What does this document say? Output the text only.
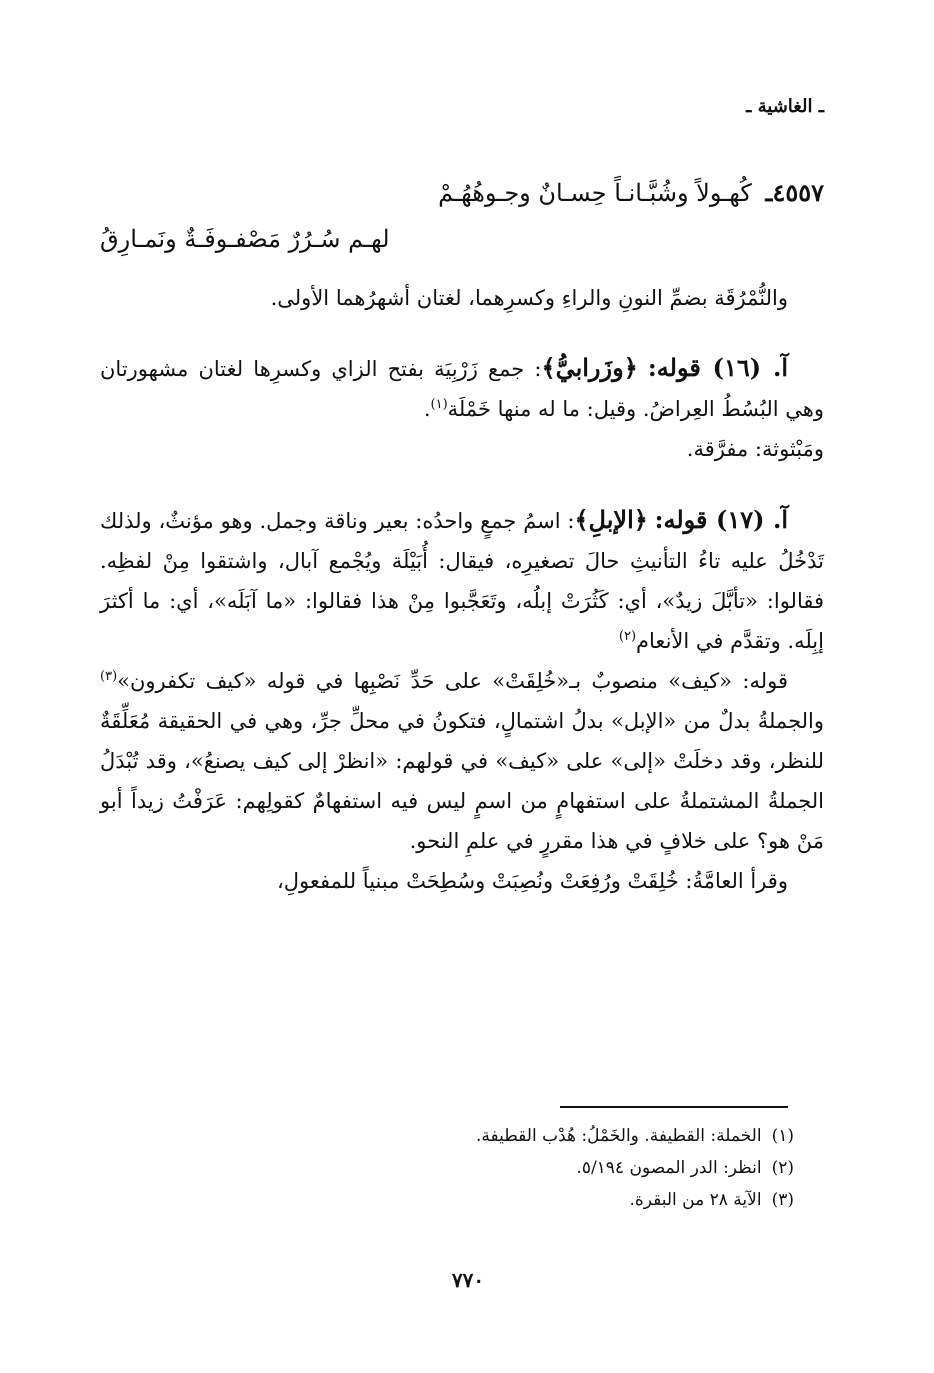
ـ الغاشية ـ
٤٥٥٧ـ كُهـولاً وشُبَّـانـاً حِسـانٌ وجـوهُهُـمْ
لهـم سُـرُرٌ مَصْفـوفَـةٌ ونَمـارِقُ

والنُّمْرُقَة بضمِّ النونِ والراءِ وكسرِهما، لغتان أشهرُهما الأولى.

آ. (١٦) قوله: ﴿وزَرابيُّ﴾: جمع زَرْبِيَة بفتح الزاي وكسرِها لغتان مشهورتان وهي البُسُطُ العِراضُ. وقيل: ما له منها خَمْلَة$^{(١)}$.

ومَبْثوثة: مفرَّقة.

آ. (١٧) قوله: ﴿الإبلِ﴾: اسمُ جمعٍ واحدُه: بعير وناقة وجمل. وهو مؤنثٌ، ولذلك تَدْخُلُ عليه تاءُ التأنيثِ حالَ تصغيرِه، فيقال: أُبَيْلَة ويُجْمع آبال، واشتقوا مِنْ لفظِه. فقالوا: «تأبَّلَ زيدٌ»، أي: كَثُرَتْ إبلُه، وتَعَجَّبوا مِنْ هذا فقالوا: «ما آبَلَه»، أي: ما أكثرَ إبِلَه. وتقدَّم في الأنعام$^{(٢)}$

قوله: «كيف» منصوبٌ بـ«خُلِقَتْ» على حَدِّ نَصْبِها في قوله «كيف تكفرون»$^{(٣)}$ والجملةُ بدلٌ من «الإبل» بدلُ اشتمالٍ، فتكونُ في محلِّ جرِّ، وهي في الحقيقة مُعَلِّقَةٌ للنظر، وقد دخلَتْ «إلى» على «كيف» في قولهم: «انظرْ إلى كيف يصنعُ»، وقد تُبْدَلُ الجملةُ المشتملةُ على استفهامٍ من اسمٍ ليس فيه استفهامٌ كقولِهم: عَرَفْتُ زيداً أبو مَنْ هو؟ على خلافٍ في هذا مقررٍ في علمِ النحو.

وقرأ العامَّةُ: خُلِقَتْ ورُفِعَتْ ونُصِبَتْ وسُطِحَتْ مبنياً للمفعولِ،

(١)الخملة: القطيفة. والخَمْلُ: هُدْب القطيفة.
(٢)انظر: الدر المصون ٥/١٩٤.
(٣)الآية ٢٨ من البقرة.
٧٧٠
